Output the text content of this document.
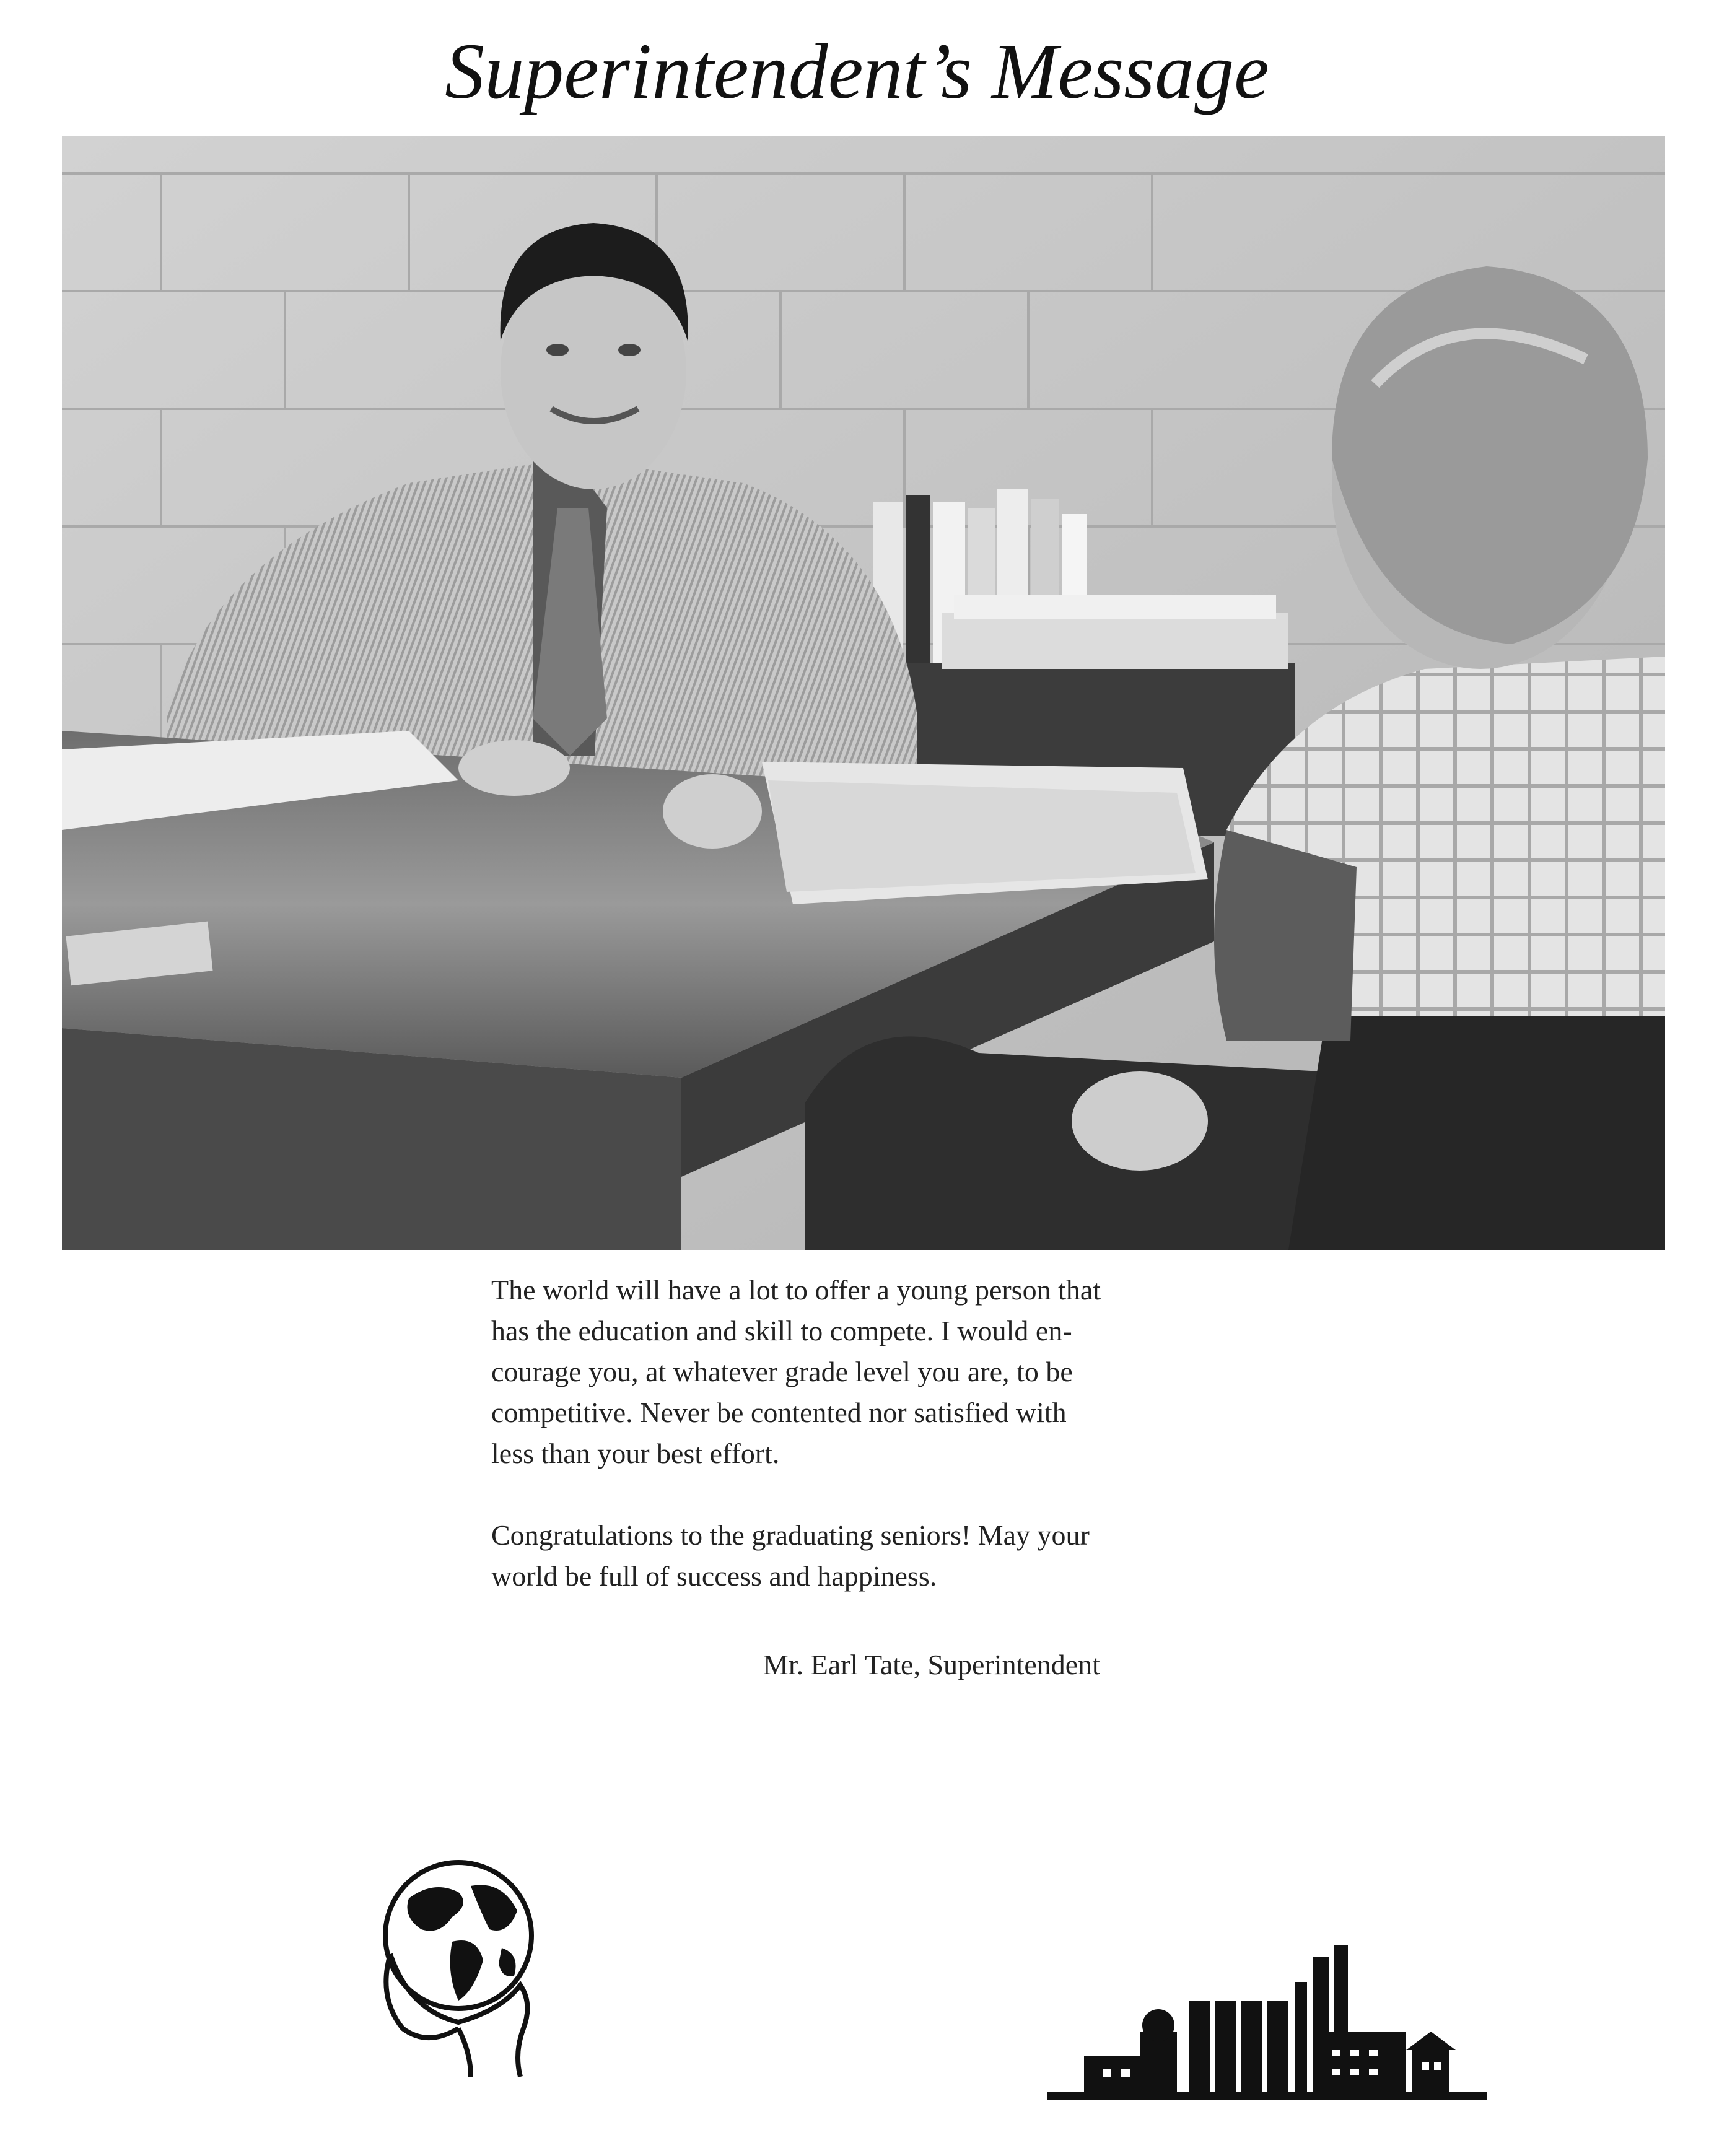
Superintendent’s Message

The world will have a lot to offer a young person that
has the education and skill to compete. I would en-
courage you, at whatever grade level you are, to be
competitive. Never be contented nor satisfied with
less than your best effort.

Congratulations to the graduating seniors! May your
world be full of success and happiness.

Mr. Earl Tate, Superintendent
